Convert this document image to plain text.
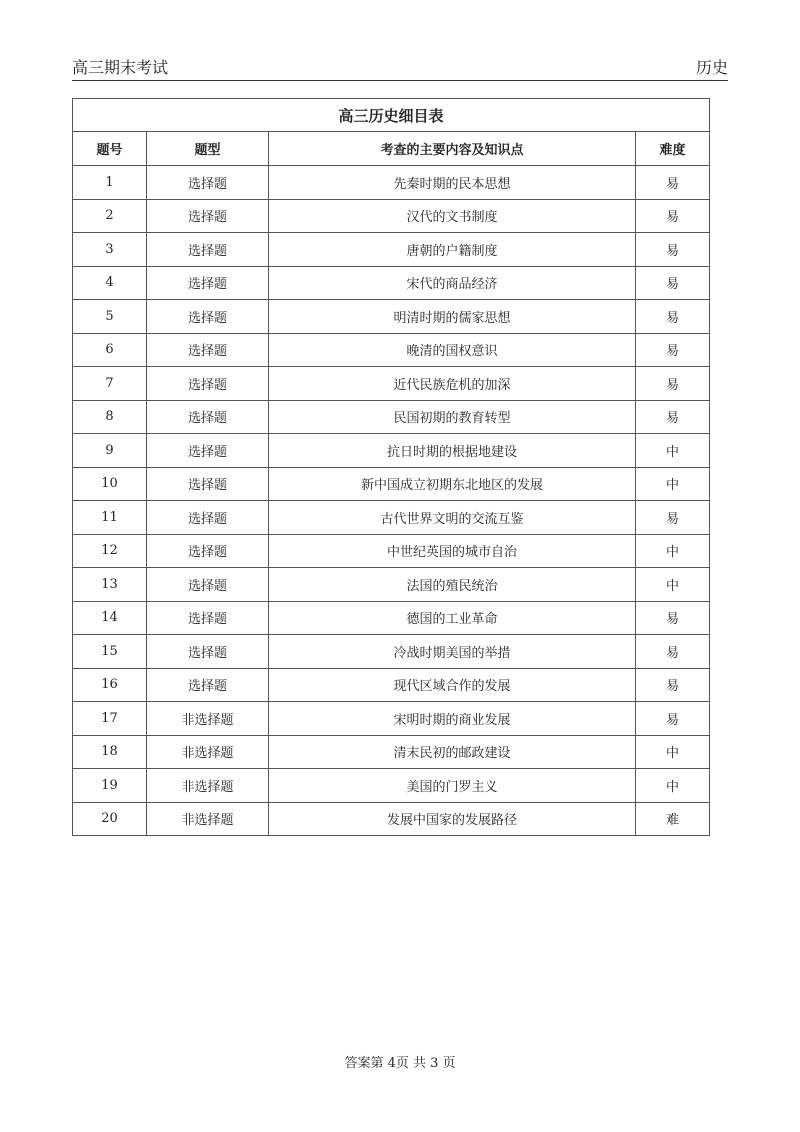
高三期末考试	历史
高三历史细目表			
题号	题型	考查的主要内容及知识点	难度
1	选择题	先秦时期的民本思想	易
2	选择题	汉代的文书制度	易
3	选择题	唐朝的户籍制度	易
4	选择题	宋代的商品经济	易
5	选择题	明清时期的儒家思想	易
6	选择题	晚清的国权意识	易
7	选择题	近代民族危机的加深	易
8	选择题	民国初期的教育转型	易
9	选择题	抗日时期的根据地建设	中
10	选择题	新中国成立初期东北地区的发展	中
11	选择题	古代世界文明的交流互鉴	易
12	选择题	中世纪英国的城市自治	中
13	选择题	法国的殖民统治	中
14	选择题	德国的工业革命	易
15	选择题	冷战时期美国的举措	易
16	选择题	现代区域合作的发展	易
17	非选择题	宋明时期的商业发展	易
18	非选择题	清末民初的邮政建设	中
19	非选择题	美国的门罗主义	中
20	非选择题	发展中国家的发展路径	难
答案第 4页 共 3 页
